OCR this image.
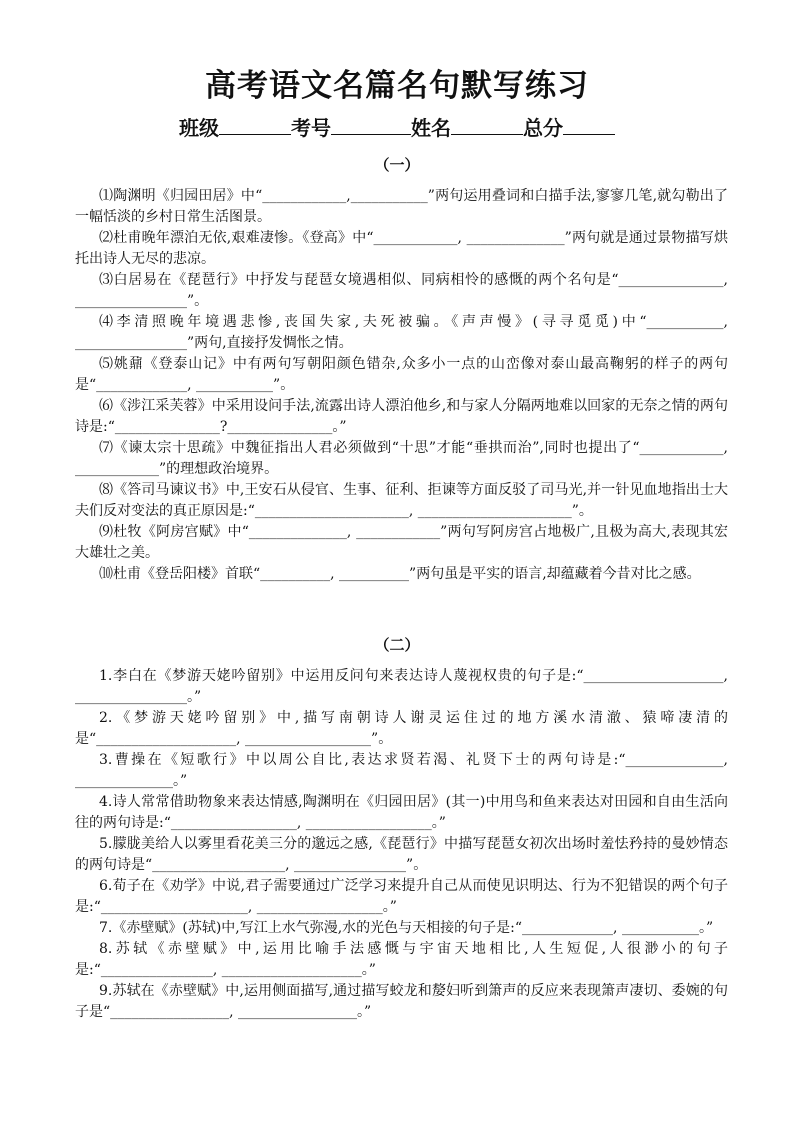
高考语文名篇名句默写练习
班级	考号	姓名	总分
（一）

⑴陶渊明《归园田居》中“____________,___________”两句运用叠词和白描手法,寥寥几笔,就勾勒出了一幅恬淡的乡村日常生活图景。

⑵杜甫晚年漂泊无依,艰难凄惨。《登高》中“____________, ______________”两句就是通过景物描写烘托出诗人无尽的悲凉。

⑶白居易在《琵琶行》中抒发与琵琶女境遇相似、同病相怜的感慨的两个名句是“_______________, ________________”。

⑷李清照晚年境遇悲惨,丧国失家,夫死被骗。《声声慢》(寻寻觅觅)中“___________, ________________”两句,直接抒发惆怅之情。

⑸姚鼐《登泰山记》中有两句写朝阳颜色错杂,众多小一点的山峦像对泰山最高鞠躬的样子的两句是“_____________, ___________”。

⑹《涉江采芙蓉》中采用设问手法,流露出诗人漂泊他乡,和与家人分隔两地难以回家的无奈之情的两句诗是:“_______________?_______________。”

⑺《谏太宗十思疏》中魏征指出人君必须做到“十思”才能“垂拱而治”,同时也提出了“____________, ____________”的理想政治境界。

⑻《答司马谏议书》中,王安石从侵官、生事、征利、拒谏等方面反驳了司马光,并一针见血地指出士大夫们反对变法的真正原因是:“______________________, ______________________”。

⑼杜牧《阿房宫赋》中“______________, ____________”两句写阿房宫占地极广,且极为高大,表现其宏大雄壮之美。

⑽杜甫《登岳阳楼》首联“__________, __________”两句虽是平实的语言,却蕴藏着今昔对比之感。

（二）

1.李白在《梦游天姥吟留别》中运用反问句来表达诗人蔑视权贵的句子是:“____________________, ________________。”

2.《梦游天姥吟留别》中,描写南朝诗人谢灵运住过的地方溪水清澈、猿啼凄清的是“____________________, __________________”。

3.曹操在《短歌行》中以周公自比,表达求贤若渴、礼贤下士的两句诗是:“______________, ______________。”

4.诗人常常借助物象来表达情感,陶渊明在《归园田居》(其一)中用鸟和鱼来表达对田园和自由生活向往的两句诗是:“__________________, __________________。”

5.朦胧美给人以雾里看花美三分的邈远之感,《琵琶行》中描写琵琶女初次出场时羞怯矜持的曼妙情态的两句诗是“___________________, ________________”。

6.荀子在《劝学》中说,君子需要通过广泛学习来提升自己从而使见识明达、行为不犯错误的两个句子是:“_____________________, __________________。”

7.《赤壁赋》(苏轼)中,写江上水气弥漫,水的光色与天相接的句子是:“_____________, ___________。”

8.苏轼《赤壁赋》中,运用比喻手法感慨与宇宙天地相比,人生短促,人很渺小的句子是:“________________, ____________________。”

9.苏轼在《赤壁赋》中,运用侧面描写,通过描写蛟龙和嫠妇听到箫声的反应来表现箫声凄切、委婉的句子是“_________________, _________________。”
